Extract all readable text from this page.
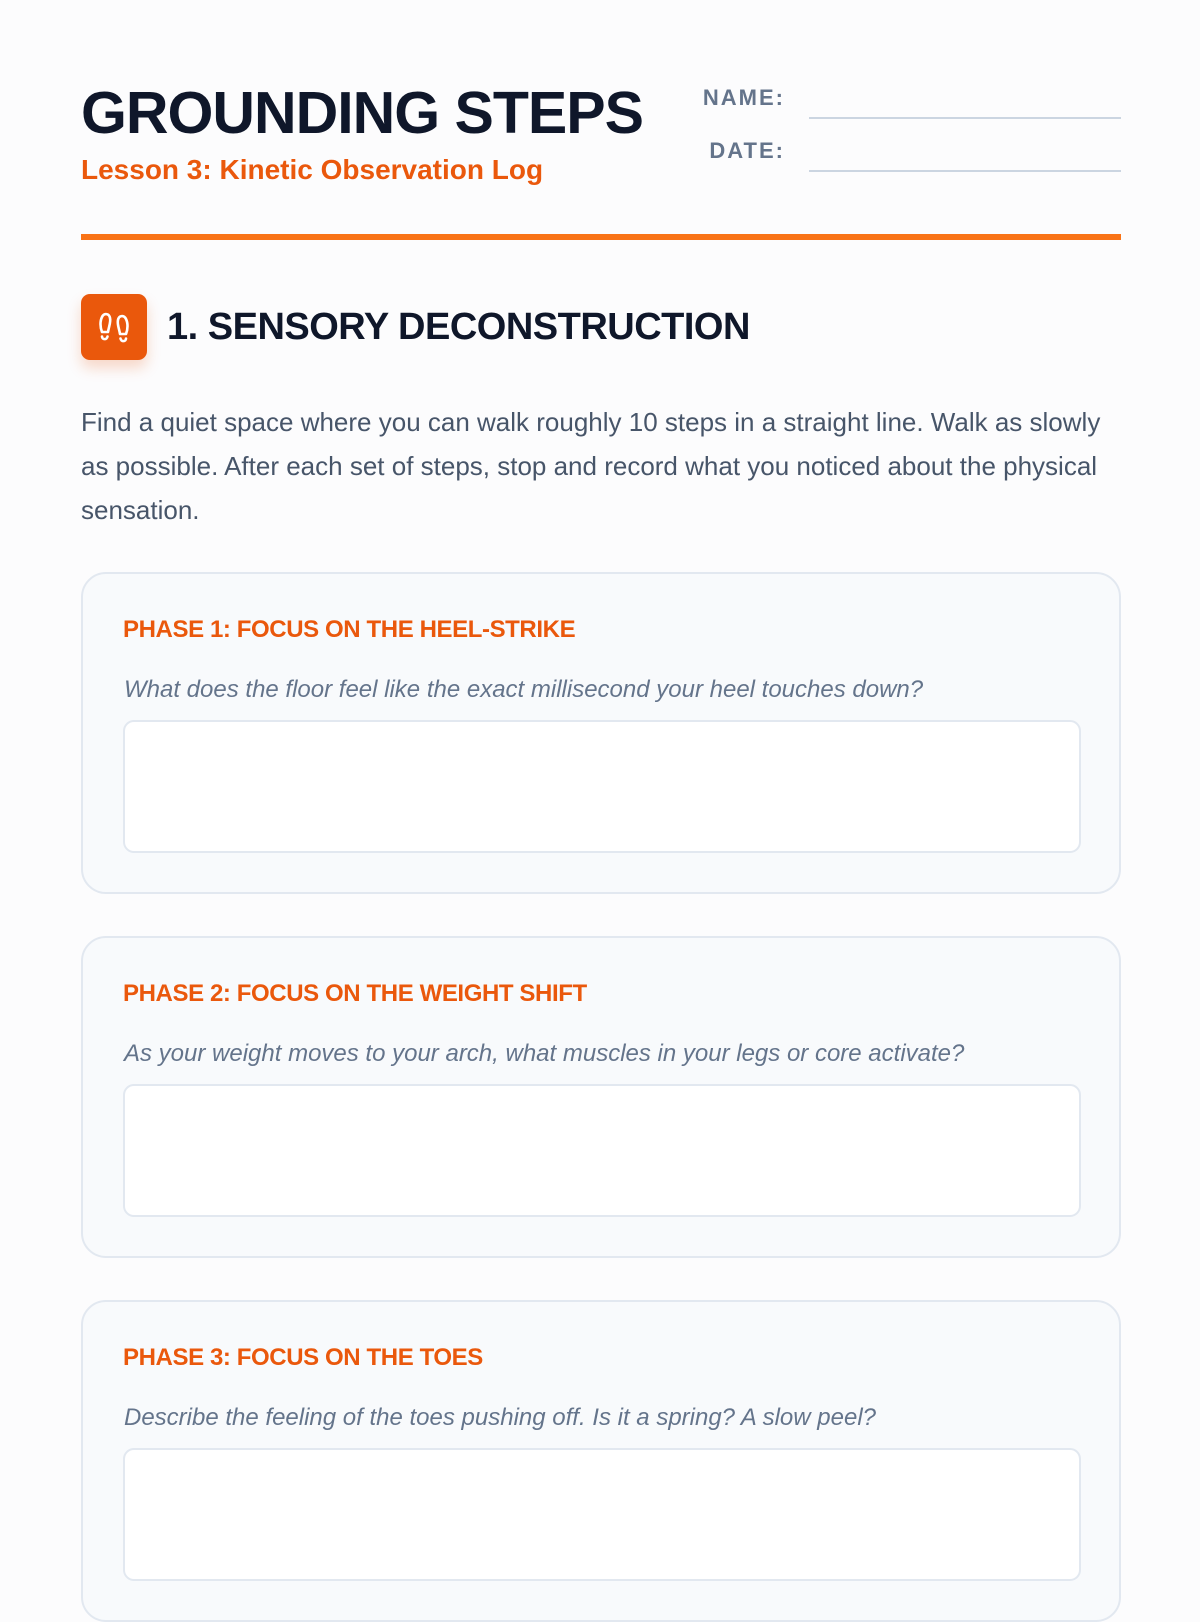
GROUNDING STEPS

Lesson 3: Kinetic Observation Log

NAME:
DATE:
1. SENSORY DECONSTRUCTION

Find a quiet space where you can walk roughly 10 steps in a straight line. Walk as slowly as possible. After each set of steps, stop and record what you noticed about the physical sensation.

PHASE 1: FOCUS ON THE HEEL-STRIKE

What does the floor feel like the exact millisecond your heel touches down?

PHASE 2: FOCUS ON THE WEIGHT SHIFT

As your weight moves to your arch, what muscles in your legs or core activate?

PHASE 3: FOCUS ON THE TOES

Describe the feeling of the toes pushing off. Is it a spring? A slow peel?
